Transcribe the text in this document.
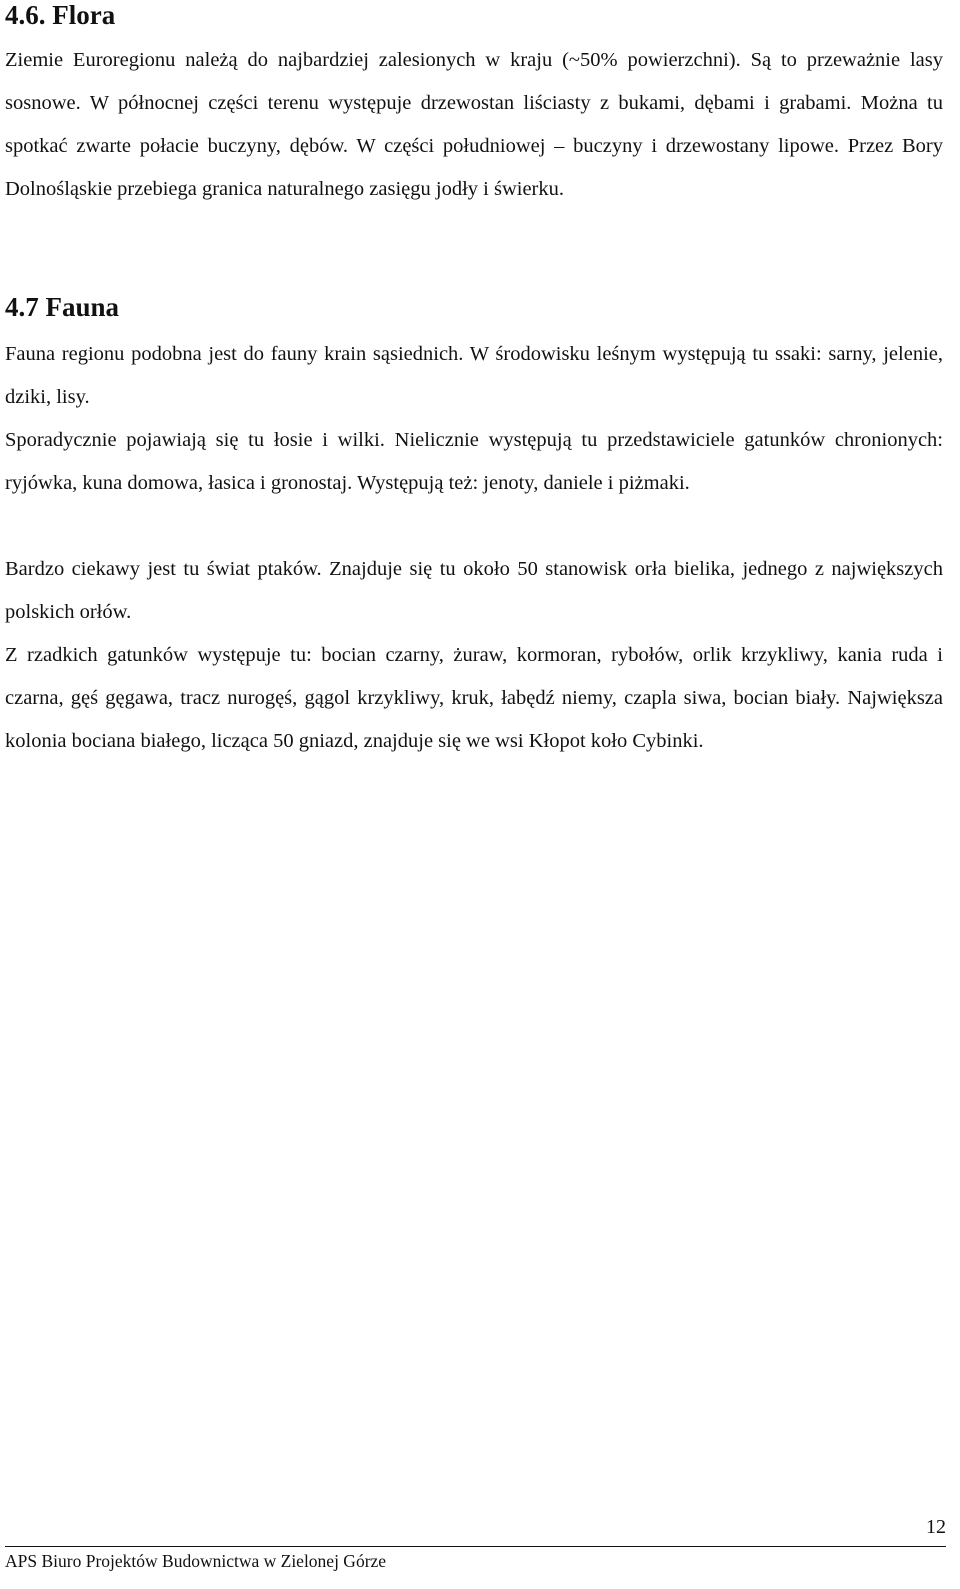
4.6. Flora

Ziemie Euroregionu należą do najbardziej zalesionych w kraju (~50% powierzchni). Są to przeważnie lasy sosnowe. W północnej części terenu występuje drzewostan liściasty z bukami, dębami i grabami. Można tu spotkać zwarte połacie buczyny, dębów. W części południowej – buczyny i drzewostany lipowe. Przez Bory Dolnośląskie przebiega granica naturalnego zasięgu jodły i świerku.

4.7 Fauna

Fauna regionu podobna jest do fauny krain sąsiednich. W środowisku leśnym występują tu ssaki: sarny, jelenie, dziki, lisy.

Sporadycznie pojawiają się tu łosie i wilki. Nielicznie występują tu przedstawiciele gatunków chronionych: ryjówka, kuna domowa, łasica i gronostaj. Występują też: jenoty, daniele i piżmaki.

Bardzo ciekawy jest tu świat ptaków. Znajduje się tu około 50 stanowisk orła bielika, jednego z największych polskich orłów.

Z rzadkich gatunków występuje tu: bocian czarny, żuraw, kormoran, rybołów, orlik krzykliwy, kania ruda i czarna, gęś gęgawa, tracz nurogęś, gągol krzykliwy, kruk, łabędź niemy, czapla siwa, bocian biały. Największa kolonia bociana białego, licząca 50 gniazd, znajduje się we wsi Kłopot koło Cybinki.

12
APS Biuro Projektów Budownictwa w Zielonej Górze
